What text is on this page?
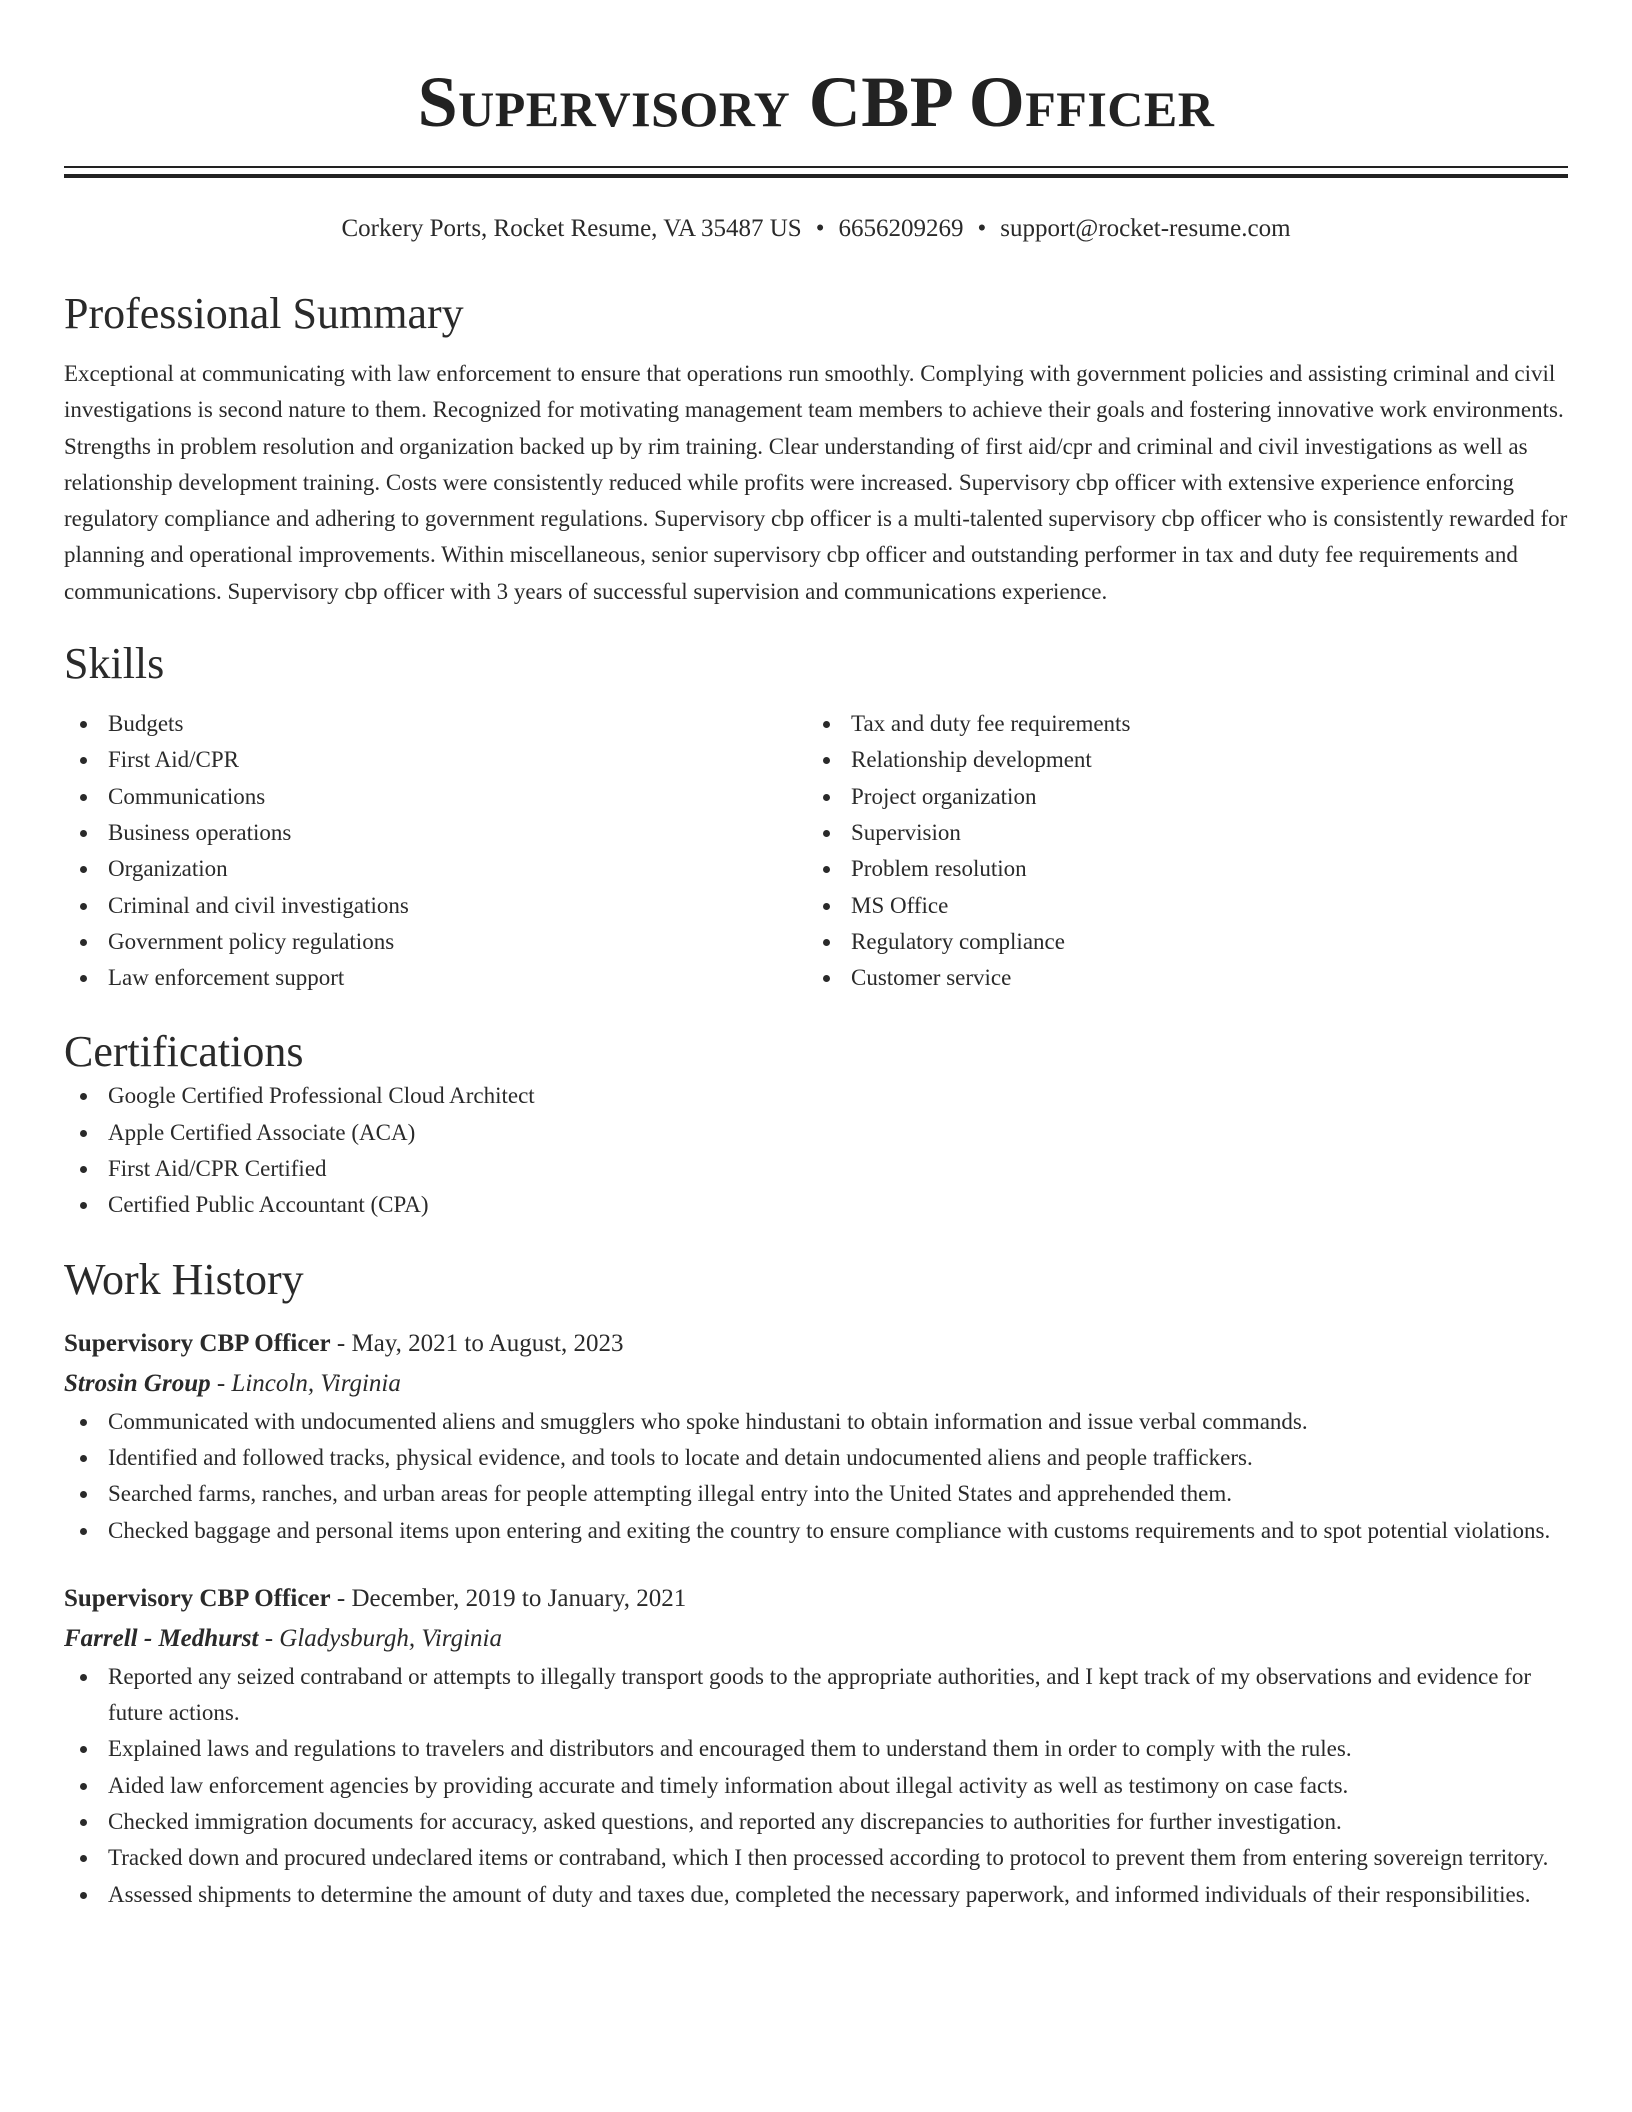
Supervisory CBP Officer
Corkery Ports, Rocket Resume, VA 35487 US • 6656209269 • support@rocket-resume.com
Professional Summary

Exceptional at communicating with law enforcement to ensure that operations run smoothly. Complying with government policies and assisting criminal and civil investigations is second nature to them. Recognized for motivating management team members to achieve their goals and fostering innovative work environments. Strengths in problem resolution and organization backed up by rim training. Clear understanding of first aid/cpr and criminal and civil investigations as well as relationship development training. Costs were consistently reduced while profits were increased. Supervisory cbp officer with extensive experience enforcing regulatory compliance and adhering to government regulations. Supervisory cbp officer is a multi-talented supervisory cbp officer who is consistently rewarded for planning and operational improvements. Within miscellaneous, senior supervisory cbp officer and outstanding performer in tax and duty fee requirements and communications. Supervisory cbp officer with 3 years of successful supervision and communications experience.

Skills
Budgets
First Aid/CPR
Communications
Business operations
Organization
Criminal and civil investigations
Government policy regulations
Law enforcement support
Tax and duty fee requirements
Relationship development
Project organization
Supervision
Problem resolution
MS Office
Regulatory compliance
Customer service
Certifications
Google Certified Professional Cloud Architect
Apple Certified Associate (ACA)
First Aid/CPR Certified
Certified Public Accountant (CPA)
Work History
Supervisory CBP Officer - May, 2021 to August, 2023
Strosin Group - Lincoln, Virginia
Communicated with undocumented aliens and smugglers who spoke hindustani to obtain information and issue verbal commands.
Identified and followed tracks, physical evidence, and tools to locate and detain undocumented aliens and people traffickers.
Searched farms, ranches, and urban areas for people attempting illegal entry into the United States and apprehended them.
Checked baggage and personal items upon entering and exiting the country to ensure compliance with customs requirements and to spot potential violations.
Supervisory CBP Officer - December, 2019 to January, 2021
Farrell - Medhurst - Gladysburgh, Virginia
Reported any seized contraband or attempts to illegally transport goods to the appropriate authorities, and I kept track of my observations and evidence for future actions.
Explained laws and regulations to travelers and distributors and encouraged them to understand them in order to comply with the rules.
Aided law enforcement agencies by providing accurate and timely information about illegal activity as well as testimony on case facts.
Checked immigration documents for accuracy, asked questions, and reported any discrepancies to authorities for further investigation.
Tracked down and procured undeclared items or contraband, which I then processed according to protocol to prevent them from entering sovereign territory.
Assessed shipments to determine the amount of duty and taxes due, completed the necessary paperwork, and informed individuals of their responsibilities.
